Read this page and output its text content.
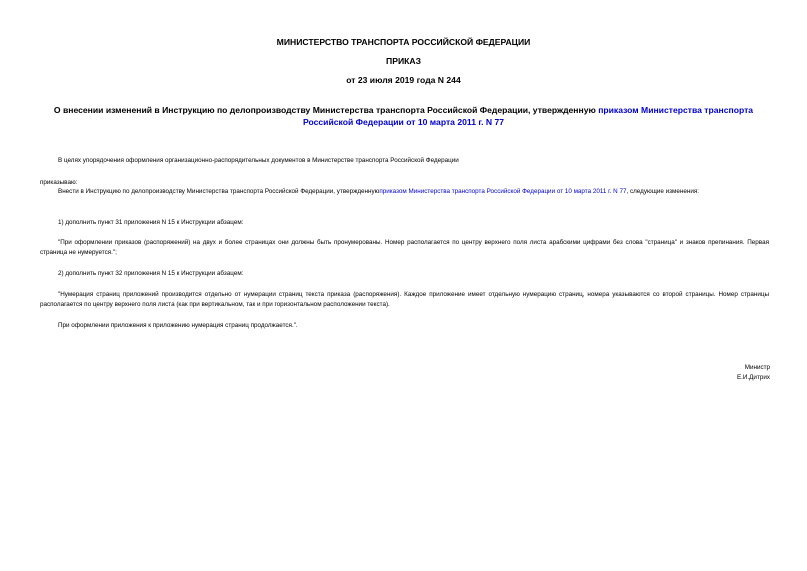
МИНИСТЕРСТВО ТРАНСПОРТА РОССИЙСКОЙ ФЕДЕРАЦИИ
ПРИКАЗ
от 23 июля 2019 года N 244
О внесении изменений в Инструкцию по делопроизводству Министерства транспорта Российской Федерации, утвержденную приказом Министерства транспорта Российской Федерации от 10 марта 2011 г. N 77
В целях упорядочения оформления организационно-распорядительных документов в Министерстве транспорта Российской Федерации
приказываю:
Внести в Инструкцию по делопроизводству Министерства транспорта Российской Федерации, утвержденнуюприказом Министерства транспорта Российской Федерации от 10 марта 2011 г. N 77, следующие изменения:
1) дополнить пункт 31 приложения N 15 к Инструкции абзацем:
"При оформлении приказов (распоряжений) на двух и более страницах они должны быть пронумерованы. Номер располагается по центру верхнего поля листа арабскими цифрами без слова "страница" и знаков препинания. Первая страница не нумеруется.";
2) дополнить пункт 32 приложения N 15 к Инструкции абзацем:
"Нумерация страниц приложений производится отдельно от нумерации страниц текста приказа (распоряжения). Каждое приложение имеет отдельную нумерацию страниц, номера указываются со второй страницы. Номер страницы располагается по центру верхнего поля листа (как при вертикальном, так и при горизонтальном расположении текста).
При оформлении приложения к приложению нумерация страниц продолжается.".
Министр
Е.И.Дитрих
